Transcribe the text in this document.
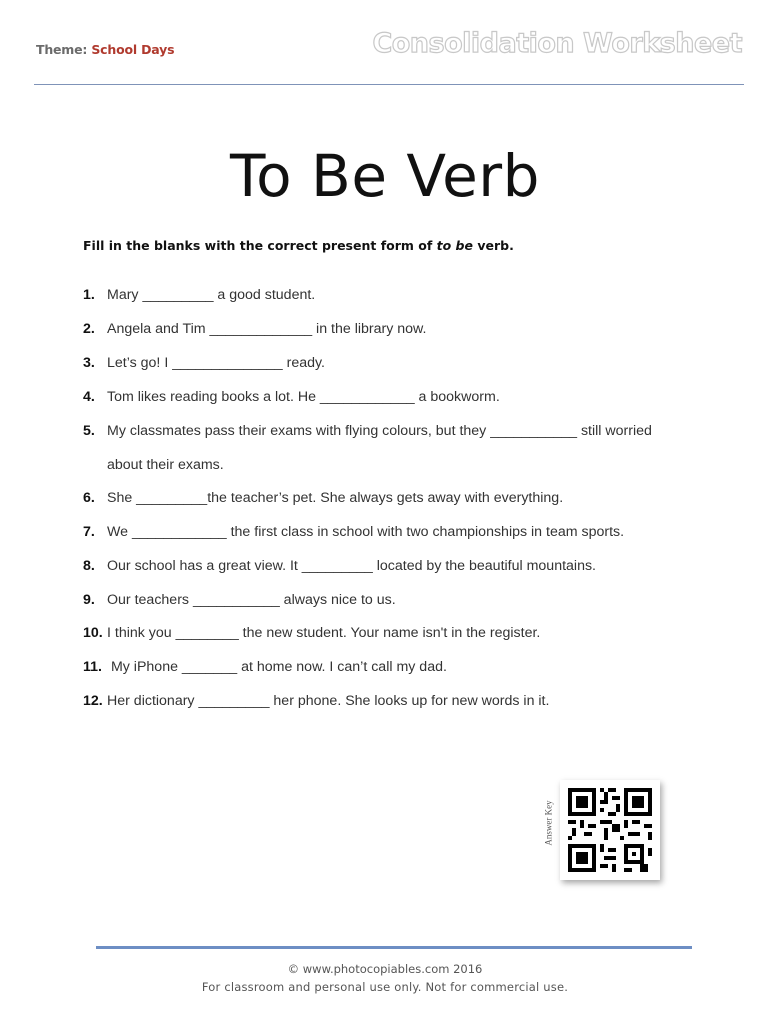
Theme: School Days	Consolidation Worksheet
To Be Verb
Fill in the blanks with the correct present form of to be verb.
1. Mary _________ a good student.
2. Angela and Tim _____________ in the library now.
3. Let’s go! I ______________ ready.
4. Tom likes reading books a lot. He ____________ a bookworm.
5. My classmates pass their exams with flying colours, but they ___________ still worried
about their exams.
6. She _________the teacher’s pet. She always gets away with everything.
7. We ____________ the first class in school with two championships in team sports.
8. Our school has a great view. It _________ located by the beautiful mountains.
9. Our teachers ___________ always nice to us.
10. I think you ________ the new student. Your name isn't in the register.
11. My iPhone _______ at home now. I can’t call my dad.
12. Her dictionary _________ her phone. She looks up for new words in it.
Answer Key
© www.photocopiables.com 2016
For classroom and personal use only. Not for commercial use.
